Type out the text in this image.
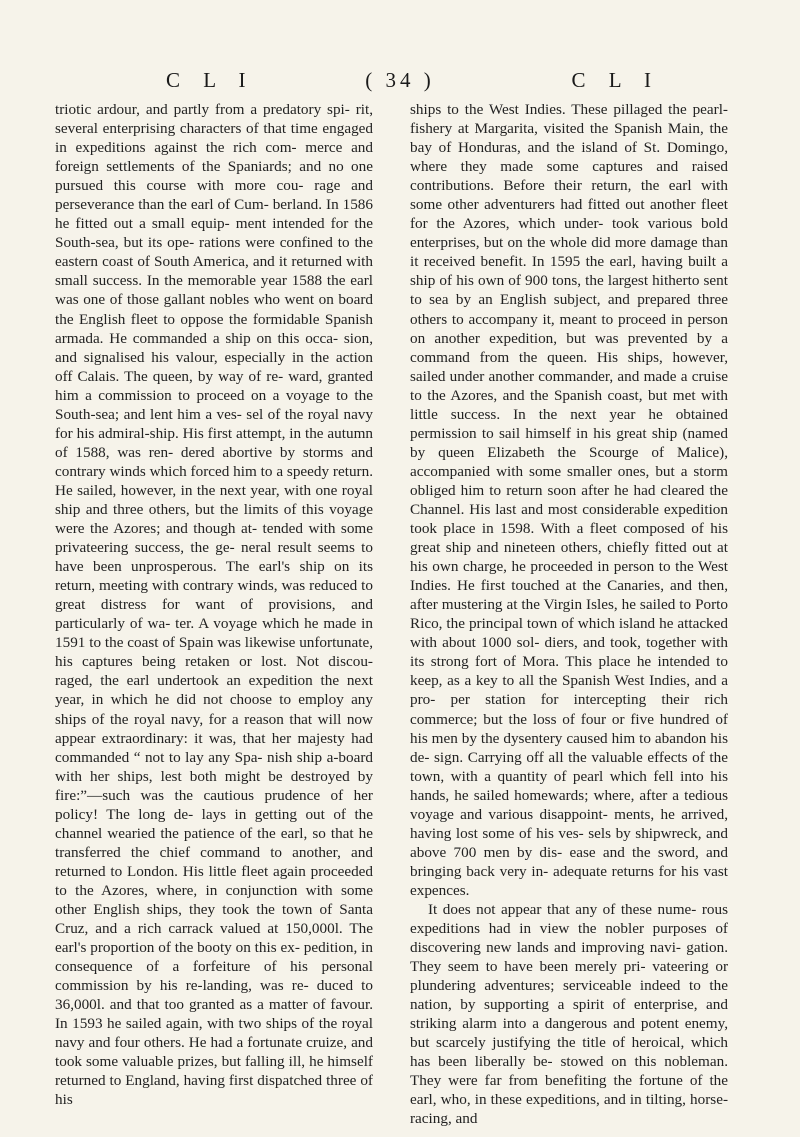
C L I	( 34 )	C L I

triotic ardour, and partly from a predatory spi- rit, several enterprising characters of that time engaged in expeditions against the rich com- merce and foreign settlements of the Spaniards; and no one pursued this course with more cou- rage and perseverance than the earl of Cum- berland. In 1586 he fitted out a small equip- ment intended for the South-sea, but its ope- rations were confined to the eastern coast of South America, and it returned with small success. In the memorable year 1588 the earl was one of those gallant nobles who went on board the English fleet to oppose the formidable Spanish armada. He commanded a ship on this occa- sion, and signalised his valour, especially in the action off Calais. The queen, by way of re- ward, granted him a commission to proceed on a voyage to the South-sea; and lent him a ves- sel of the royal navy for his admiral-ship. His first attempt, in the autumn of 1588, was ren- dered abortive by storms and contrary winds which forced him to a speedy return. He sailed, however, in the next year, with one royal ship and three others, but the limits of this voyage were the Azores; and though at- tended with some privateering success, the ge- neral result seems to have been unprosperous. The earl's ship on its return, meeting with contrary winds, was reduced to great distress for want of provisions, and particularly of wa- ter. A voyage which he made in 1591 to the coast of Spain was likewise unfortunate, his captures being retaken or lost. Not discou- raged, the earl undertook an expedition the next year, in which he did not choose to employ any ships of the royal navy, for a reason that will now appear extraordinary: it was, that her majesty had commanded “ not to lay any Spa- nish ship a-board with her ships, lest both might be destroyed by fire:”—such was the cautious prudence of her policy! The long de- lays in getting out of the channel wearied the patience of the earl, so that he transferred the chief command to another, and returned to London. His little fleet again proceeded to the Azores, where, in conjunction with some other English ships, they took the town of Santa Cruz, and a rich carrack valued at 150,000l. The earl's proportion of the booty on this ex- pedition, in consequence of a forfeiture of his personal commission by his re-landing, was re- duced to 36,000l. and that too granted as a matter of favour. In 1593 he sailed again, with two ships of the royal navy and four others. He had a fortunate cruize, and took some valuable prizes, but falling ill, he himself returned to England, having first dispatched three of his

ships to the West Indies. These pillaged the pearl-fishery at Margarita, visited the Spanish Main, the bay of Honduras, and the island of St. Domingo, where they made some captures and raised contributions. Before their return, the earl with some other adventurers had fitted out another fleet for the Azores, which under- took various bold enterprises, but on the whole did more damage than it received benefit. In 1595 the earl, having built a ship of his own of 900 tons, the largest hitherto sent to sea by an English subject, and prepared three others to accompany it, meant to proceed in person on another expedition, but was prevented by a command from the queen. His ships, however, sailed under another commander, and made a cruise to the Azores, and the Spanish coast, but met with little success. In the next year he obtained permission to sail himself in his great ship (named by queen Elizabeth the Scourge of Malice), accompanied with some smaller ones, but a storm obliged him to return soon after he had cleared the Channel. His last and most considerable expedition took place in 1598. With a fleet composed of his great ship and nineteen others, chiefly fitted out at his own charge, he proceeded in person to the West Indies. He first touched at the Canaries, and then, after mustering at the Virgin Isles, he sailed to Porto Rico, the principal town of which island he attacked with about 1000 sol- diers, and took, together with its strong fort of Mora. This place he intended to keep, as a key to all the Spanish West Indies, and a pro- per station for intercepting their rich commerce; but the loss of four or five hundred of his men by the dysentery caused him to abandon his de- sign. Carrying off all the valuable effects of the town, with a quantity of pearl which fell into his hands, he sailed homewards; where, after a tedious voyage and various disappoint- ments, he arrived, having lost some of his ves- sels by shipwreck, and above 700 men by dis- ease and the sword, and bringing back very in- adequate returns for his vast expences.

It does not appear that any of these nume- rous expeditions had in view the nobler purposes of discovering new lands and improving navi- gation. They seem to have been merely pri- vateering or plundering adventures; serviceable indeed to the nation, by supporting a spirit of enterprise, and striking alarm into a dangerous and potent enemy, but scarcely justifying the title of heroical, which has been liberally be- stowed on this nobleman. They were far from benefiting the fortune of the earl, who, in these expeditions, and in tilting, horse-racing, and
